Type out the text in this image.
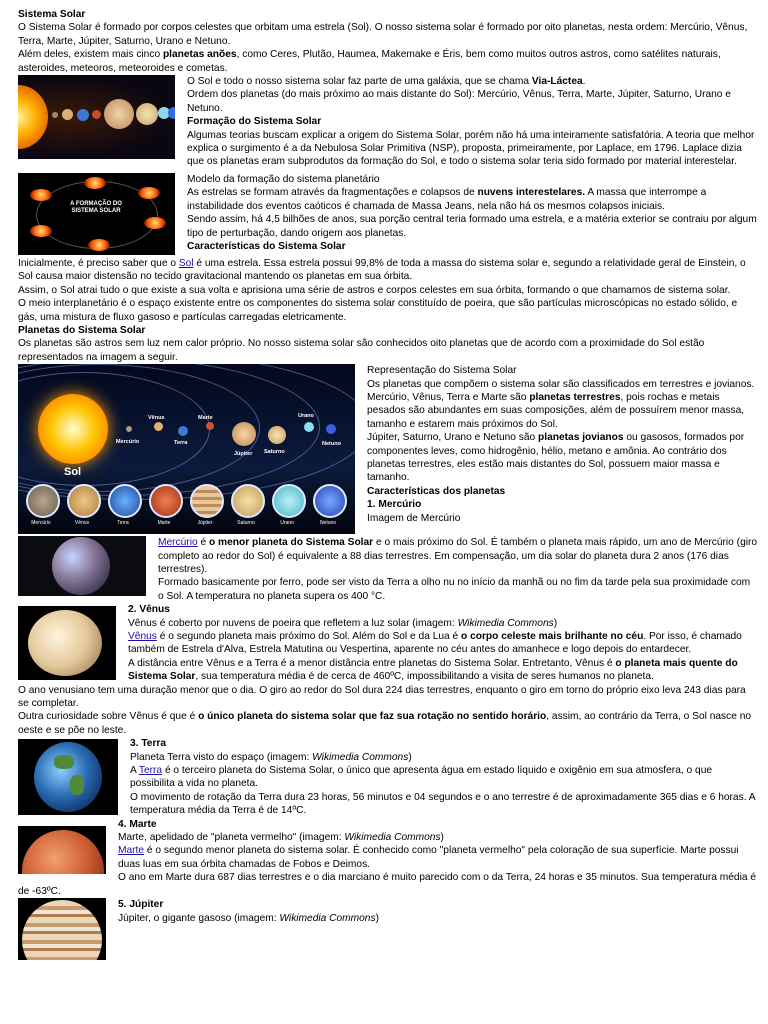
Sistema Solar

O Sistema Solar é formado por corpos celestes que orbitam uma estrela (Sol). O nosso sistema solar é formado por oito planetas, nesta ordem: Mercúrio, Vênus, Terra, Marte, Júpiter, Saturno, Urano e Netuno.

Além deles, existem mais cinco planetas anões, como Ceres, Plutão, Haumea, Makemake e Éris, bem como muitos outros astros, como satélites naturais, asteroides, meteoros, meteoroides e cometas.

O Sol e todo o nosso sistema solar faz parte de uma galáxia, que se chama Via-Láctea.

Ordem dos planetas (do mais próximo ao mais distante do Sol): Mercúrio, Vênus, Terra, Marte, Júpiter, Saturno, Urano e Netuno.

Formação do Sistema Solar

Algumas teorias buscam explicar a origem do Sistema Solar, porém não há uma inteiramente satisfatória. A teoria que melhor explica o surgimento é a da Nebulosa Solar Primitiva (NSP), proposta, primeiramente, por Laplace, em 1796. Laplace dizia que os planetas eram subprodutos da formação do Sol, e todo o sistema solar teria sido formado por material interestelar.

A FORMAÇÃO DO SISTEMA SOLAR

Modelo da formação do sistema planetário

As estrelas se formam através da fragmentações e colapsos de nuvens interestelares. A massa que interrompe a instabilidade dos eventos caóticos é chamada de Massa Jeans, nela não há os mesmos colapsos iniciais.

Sendo assim, há 4,5 bilhões de anos, sua porção central teria formado uma estrela, e a matéria exterior se contraiu por algum tipo de perturbação, dando origem aos planetas.

Características do Sistema Solar

Inicialmente, é preciso saber que o Sol é uma estrela. Essa estrela possui 99,8% de toda a massa do sistema solar e, segundo a relatividade geral de Einstein, o Sol causa maior distensão no tecido gravitacional mantendo os planetas em sua órbita.

Assim, o Sol atrai tudo o que existe a sua volta e aprisiona uma série de astros e corpos celestes em sua órbita, formando o que chamamos de sistema solar.

O meio interplanetário é o espaço existente entre os componentes do sistema solar constituído de poeira, que são partículas microscópicas no estado sólido, e gás, uma mistura de fluxo gasoso e partículas carregadas eletricamente.

Planetas do Sistema Solar

Os planetas são astros sem luz nem calor próprio. No nosso sistema solar são conhecidos oito planetas que de acordo com a proximidade do Sol estão representados na imagem a seguir.

Sol
Mercúrio
Vênus
Terra
Marte
Júpiter Saturno
Urano
Netuno
Mercúrio	Vênus	Terra	Marte	Júpiter	Saturno	Urano	Netuno

Representação do Sistema Solar

Os planetas que compõem o sistema solar são classificados em terrestres e jovianos.

Mercúrio, Vênus, Terra e Marte são planetas terrestres, pois rochas e metais pesados são abundantes em suas composições, além de possuírem menor massa, tamanho e estarem mais próximos do Sol.

Júpiter, Saturno, Urano e Netuno são planetas jovianos ou gasosos, formados por componentes leves, como hidrogênio, hélio, metano e amônia. Ao contrário dos planetas terrestres, eles estão mais distantes do Sol, possuem maior massa e tamanho.

Características dos planetas

1. Mercúrio

Imagem de Mercúrio

Mercúrio é o menor planeta do Sistema Solar e o mais próximo do Sol. É também o planeta mais rápido, um ano de Mercúrio (giro completo ao redor do Sol) é equivalente a 88 dias terrestres. Em compensação, um dia solar do planeta dura 2 anos (176 dias terrestres).

Formado basicamente por ferro, pode ser visto da Terra a olho nu no início da manhã ou no fim da tarde pela sua proximidade com o Sol. A temperatura no planeta supera os 400 °C.

2. Vênus

Vênus é coberto por nuvens de poeira que refletem a luz solar (imagem: Wikimedia Commons)

Vênus é o segundo planeta mais próximo do Sol. Além do Sol e da Lua é o corpo celeste mais brilhante no céu. Por isso, é chamado também de Estrela d'Alva, Estrela Matutina ou Vespertina, aparente no céu antes do amanhece e logo depois do entardecer.

A distância entre Vênus e a Terra é a menor distância entre planetas do Sistema Solar. Entretanto, Vênus é o planeta mais quente do Sistema Solar, sua temperatura média é de cerca de 460ºC, impossibilitando a visita de seres humanos no planeta.

O ano venusiano tem uma duração menor que o dia. O giro ao redor do Sol dura 224 dias terrestres, enquanto o giro em torno do próprio eixo leva 243 dias para se completar.

Outra curiosidade sobre Vênus é que é o único planeta do sistema solar que faz sua rotação no sentido horário, assim, ao contrário da Terra, o Sol nasce no oeste e se põe no leste.

3. Terra

Planeta Terra visto do espaço (imagem: Wikimedia Commons)

A Terra é o terceiro planeta do Sistema Solar, o único que apresenta água em estado líquido e oxigênio em sua atmosfera, o que possibilita a vida no planeta.

O movimento de rotação da Terra dura 23 horas, 56 minutos e 04 segundos e o ano terrestre é de aproximadamente 365 dias e 6 horas. A temperatura média da Terra é de 14ºC.

4. Marte

Marte, apelidado de "planeta vermelho" (imagem: Wikimedia Commons)

Marte é o segundo menor planeta do sistema solar. É conhecido como "planeta vermelho" pela coloração de sua superfície. Marte possui duas luas em sua órbita chamadas de Fobos e Deimos.

O ano em Marte dura 687 dias terrestres e o dia marciano é muito parecido com o da Terra, 24 horas e 35 minutos. Sua temperatura média é de -63ºC.

5. Júpiter

Júpiter, o gigante gasoso (imagem: Wikimedia Commons)
